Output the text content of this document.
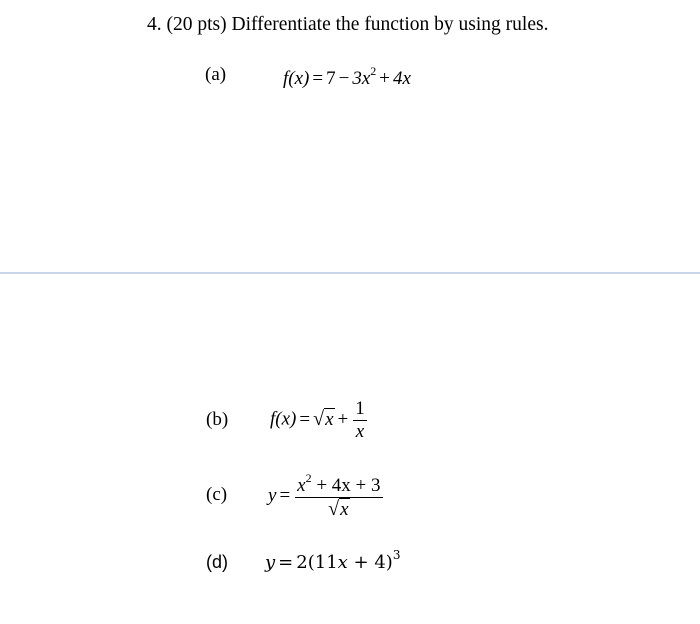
4. (20 pts) Differentiate the function by using rules.
(a)	$f(x) = 7 - 3x^2 + 4x$
(b) $f(x) = √x + \frac{1}{x}$
(c) $y = \frac{x^2 + 4x + 3}{√x}$
(d) $y = 2(11x + 4)^3$
